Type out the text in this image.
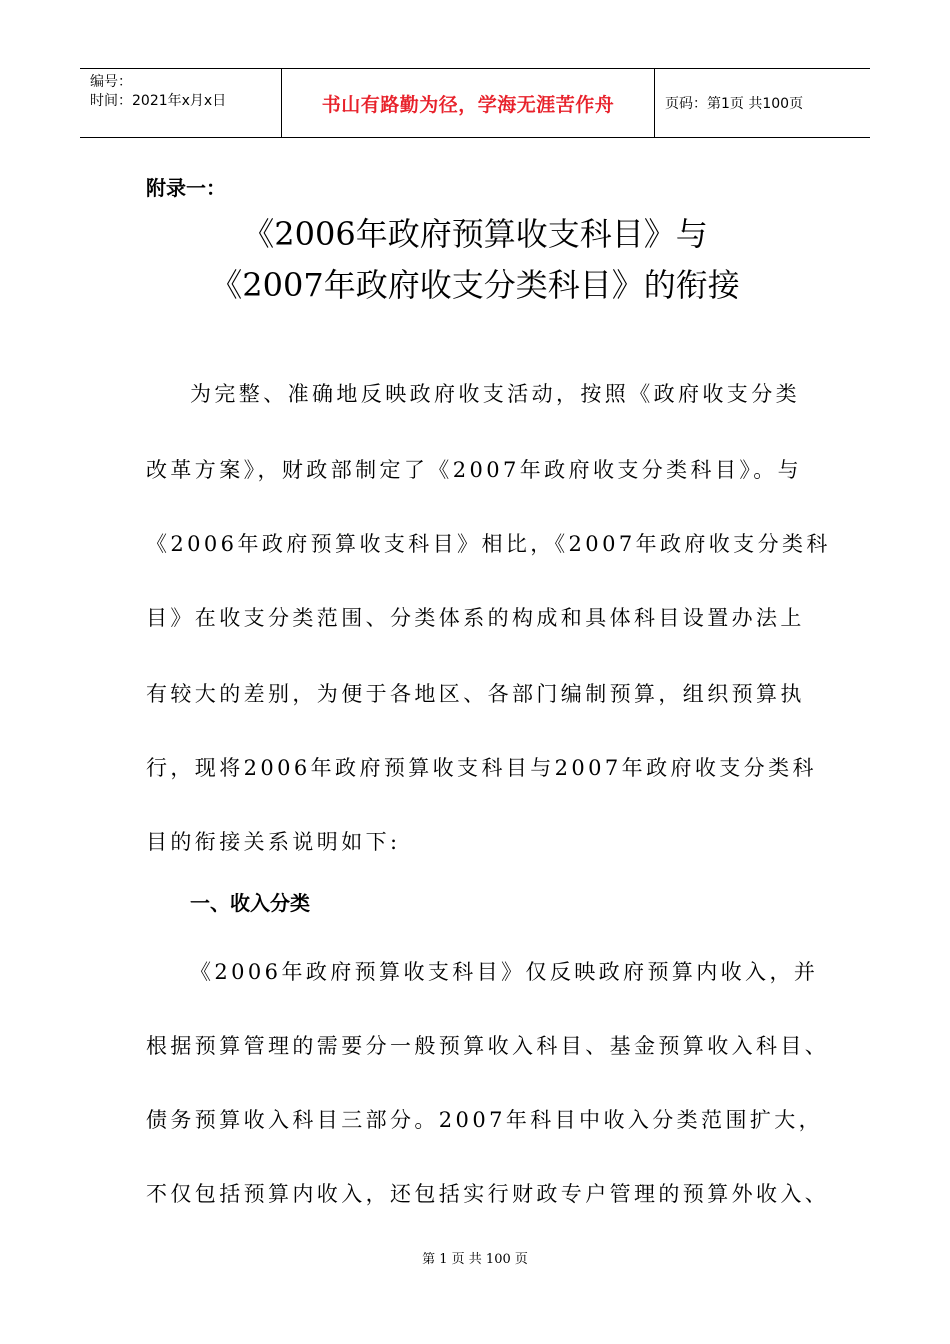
编号：
时间：2021年x月x日	书山有路勤为径，学海无涯苦作舟	页码：第1页 共100页
附录一：
《2006年政府预算收支科目》与
《2007年政府收支分类科目》的衔接
为完整、准确地反映政府收支活动，按照《政府收支分类
改革方案》，财政部制定了《2007年政府收支分类科目》。与
《2006年政府预算收支科目》相比，《2007年政府收支分类科
目》在收支分类范围、分类体系的构成和具体科目设置办法上
有较大的差别，为便于各地区、各部门编制预算，组织预算执
行，现将2006年政府预算收支科目与2007年政府收支分类科
目的衔接关系说明如下:
一、收入分类
《2006年政府预算收支科目》仅反映政府预算内收入，并
根据预算管理的需要分一般预算收入科目、基金预算收入科目、
债务预算收入科目三部分。2007年科目中收入分类范围扩大，
不仅包括预算内收入，还包括实行财政专户管理的预算外收入、
第 1 页 共 100 页
